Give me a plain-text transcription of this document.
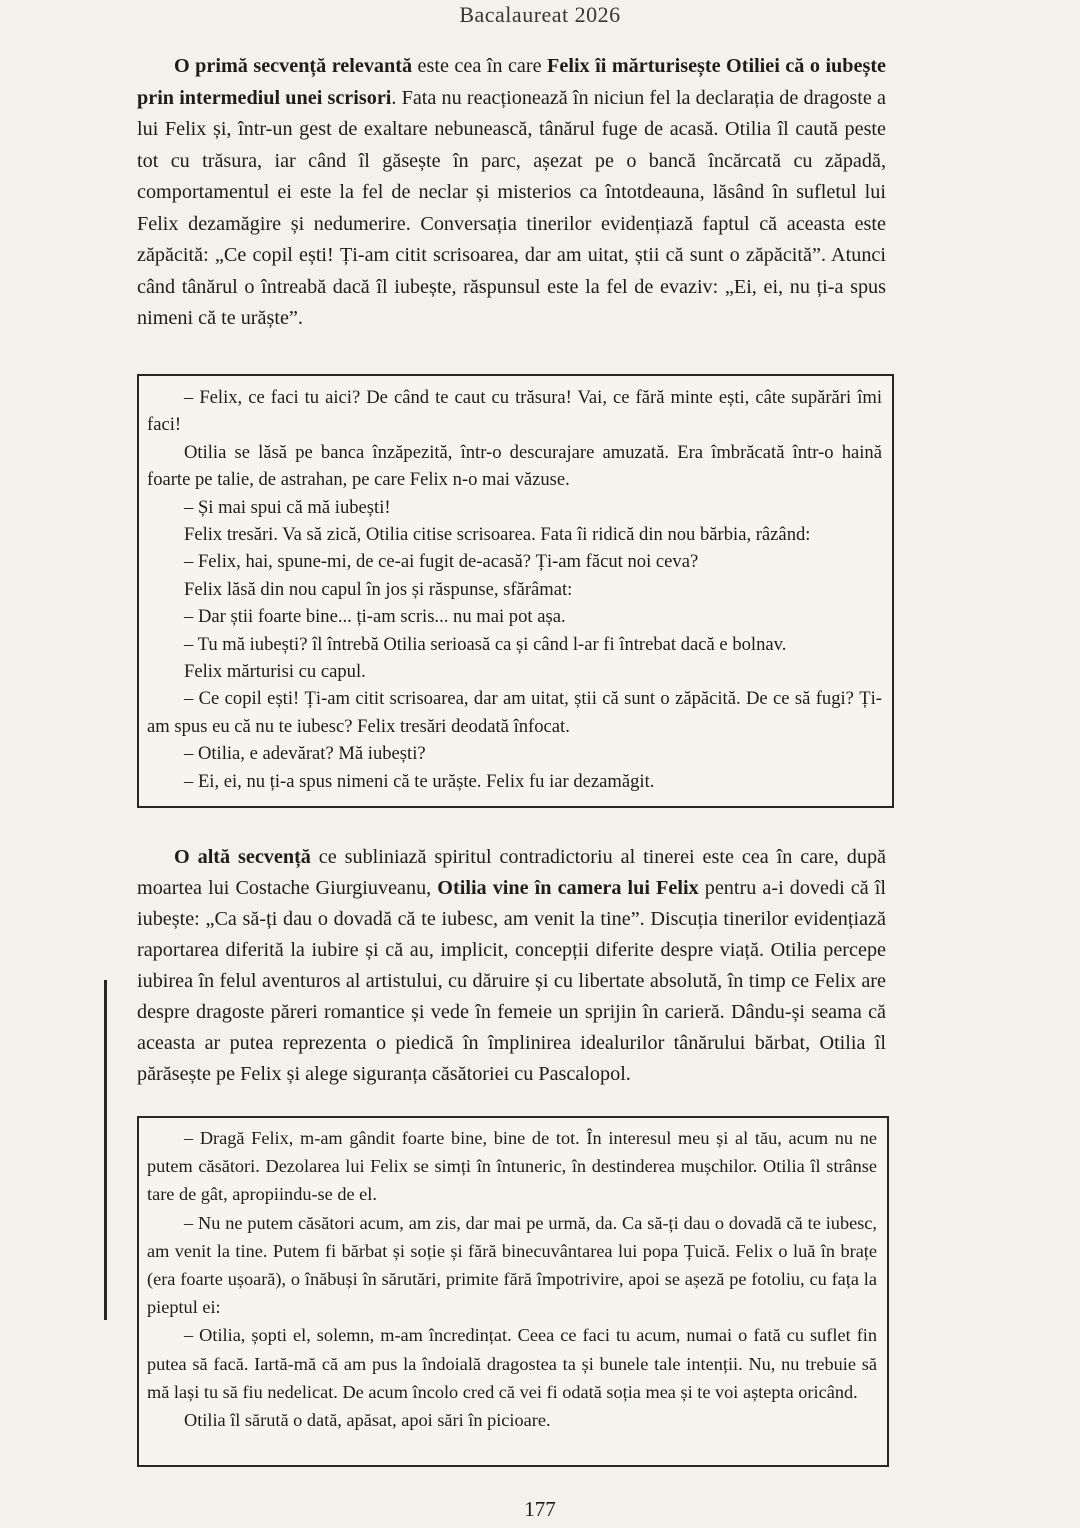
Bacalaureat 2026

O primă secvență relevantă este cea în care Felix îi mărturisește Otiliei că o iubește prin intermediul unei scrisori. Fata nu reacționează în niciun fel la declarația de dragoste a lui Felix și, într-un gest de exaltare nebunească, tânărul fuge de acasă. Otilia îl caută peste tot cu trăsura, iar când îl găsește în parc, așezat pe o bancă încărcată cu zăpadă, comportamentul ei este la fel de neclar și misterios ca întotdeauna, lăsând în sufletul lui Felix dezamăgire și nedumerire. Conversația tinerilor evidențiază faptul că aceasta este zăpăcită: „Ce copil ești! Ți-am citit scrisoarea, dar am uitat, știi că sunt o zăpăcită”. Atunci când tânărul o întreabă dacă îl iubește, răspunsul este la fel de evaziv: „Ei, ei, nu ți-a spus nimeni că te urăște”.

– Felix, ce faci tu aici? De când te caut cu trăsura! Vai, ce fără minte ești, câte supărări îmi faci!

Otilia se lăsă pe banca înzăpezită, într-o descurajare amuzată. Era îmbrăcată într-o haină foarte pe talie, de astrahan, pe care Felix n-o mai văzuse.

– Și mai spui că mă iubești!

Felix tresări. Va să zică, Otilia citise scrisoarea. Fata îi ridică din nou bărbia, râzând:

– Felix, hai, spune-mi, de ce-ai fugit de-acasă? Ți-am făcut noi ceva?

Felix lăsă din nou capul în jos și răspunse, sfărâmat:

– Dar știi foarte bine... ți-am scris... nu mai pot așa.

– Tu mă iubești? îl întrebă Otilia serioasă ca și când l-ar fi întrebat dacă e bolnav.

Felix mărturisi cu capul.

– Ce copil ești! Ți-am citit scrisoarea, dar am uitat, știi că sunt o zăpăcită. De ce să fugi? Ți-am spus eu că nu te iubesc? Felix tresări deodată înfocat.

– Otilia, e adevărat? Mă iubești?

– Ei, ei, nu ți-a spus nimeni că te urăște. Felix fu iar dezamăgit.

O altă secvență ce subliniază spiritul contradictoriu al tinerei este cea în care, după moartea lui Costache Giurgiuveanu, Otilia vine în camera lui Felix pentru a-i dovedi că îl iubește: „Ca să-ți dau o dovadă că te iubesc, am venit la tine”. Discuția tinerilor evidențiază raportarea diferită la iubire și că au, implicit, concepții diferite despre viață. Otilia percepe iubirea în felul aventuros al artistului, cu dăruire și cu libertate absolută, în timp ce Felix are despre dragoste păreri romantice și vede în femeie un sprijin în carieră. Dându-și seama că aceasta ar putea reprezenta o piedică în împlinirea idealurilor tânărului bărbat, Otilia îl părăsește pe Felix și alege siguranța căsătoriei cu Pascalopol.

– Dragă Felix, m-am gândit foarte bine, bine de tot. În interesul meu și al tău, acum nu ne putem căsători. Dezolarea lui Felix se simți în întuneric, în destinderea mușchilor. Otilia îl strânse tare de gât, apropiindu-se de el.

– Nu ne putem căsători acum, am zis, dar mai pe urmă, da. Ca să-ți dau o dovadă că te iubesc, am venit la tine. Putem fi bărbat și soție și fără binecuvântarea lui popa Țuică. Felix o luă în brațe (era foarte ușoară), o înăbuși în sărutări, primite fără împotrivire, apoi se așeză pe fotoliu, cu fața la pieptul ei:

– Otilia, șopti el, solemn, m-am încredințat. Ceea ce faci tu acum, numai o fată cu suflet fin putea să facă. Iartă-mă că am pus la îndoială dragostea ta și bunele tale intenții. Nu, nu trebuie să mă lași tu să fiu nedelicat. De acum încolo cred că vei fi odată soția mea și te voi aștepta oricând.

Otilia îl sărută o dată, apăsat, apoi sări în picioare.

177
